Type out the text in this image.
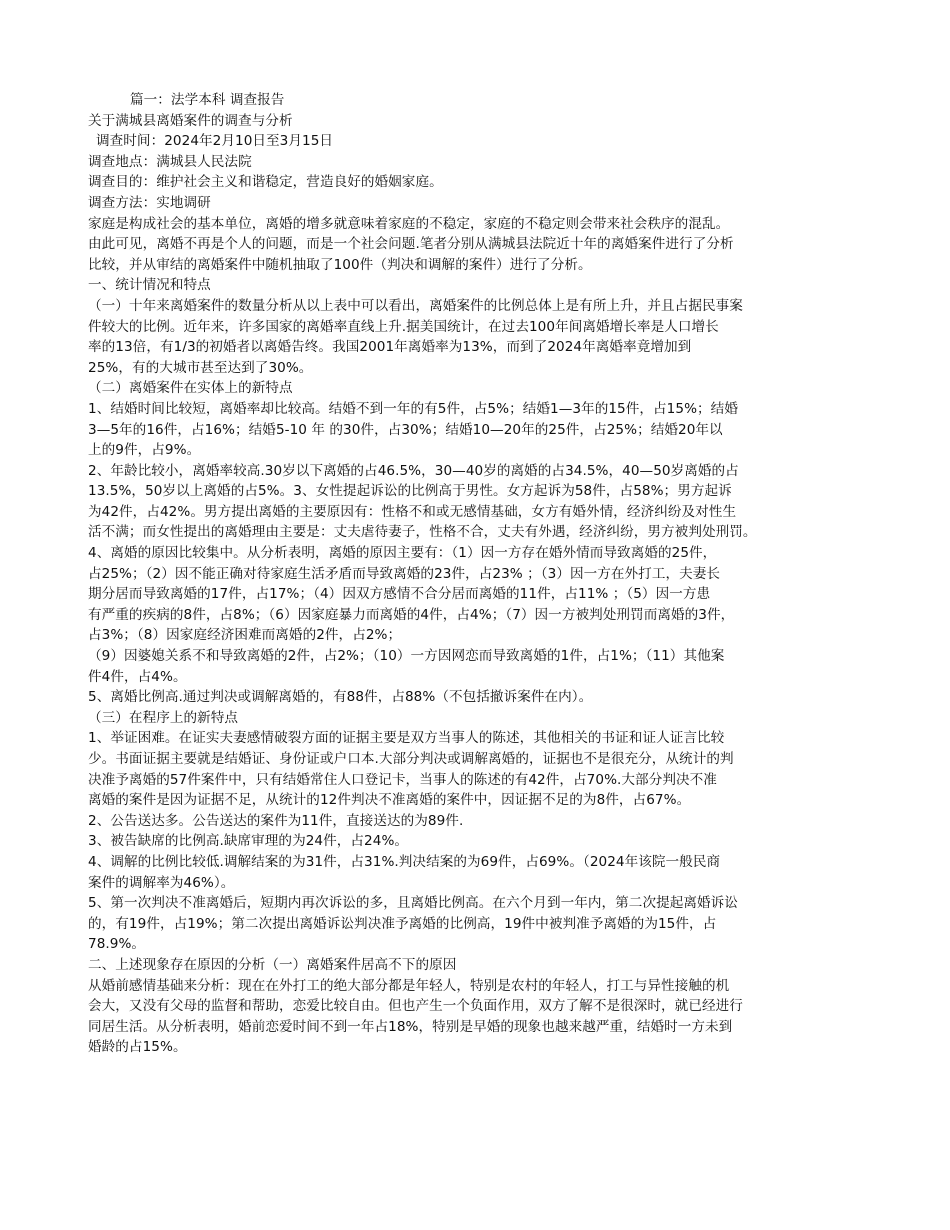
篇一：法学本科 调查报告
关于满城县离婚案件的调查与分析
调查时间：2024年2月10日至3月15日
调查地点：满城县人民法院
调查目的：维护社会主义和谐稳定，营造良好的婚姻家庭。
调查方法：实地调研
家庭是构成社会的基本单位，离婚的增多就意味着家庭的不稳定，家庭的不稳定则会带来社会秩序的混乱。
由此可见，离婚不再是个人的问题，而是一个社会问题.笔者分别从满城县法院近十年的离婚案件进行了分析
比较，并从审结的离婚案件中随机抽取了100件（判决和调解的案件）进行了分析。
一、统计情况和特点
（一）十年来离婚案件的数量分析从以上表中可以看出，离婚案件的比例总体上是有所上升，并且占据民事案
件较大的比例。近年来，许多国家的离婚率直线上升.据美国统计，在过去100年间离婚增长率是人口增长
率的13倍，有1/3的初婚者以离婚告终。我国2001年离婚率为13%，而到了2024年离婚率竟增加到
25%，有的大城市甚至达到了30%。
（二）离婚案件在实体上的新特点
1、结婚时间比较短，离婚率却比较高。结婚不到一年的有5件，占5%；结婚1—3年的15件，占15%；结婚
3—5年的16件，占16%；结婚5-10 年 的30件，占30%；结婚10—20年的25件，占25%；结婚20年以
上的9件，占9%。
2、年龄比较小，离婚率较高.30岁以下离婚的占46.5%，30—40岁的离婚的占34.5%，40—50岁离婚的占
13.5%，50岁以上离婚的占5%。3、女性提起诉讼的比例高于男性。女方起诉为58件，占58%；男方起诉
为42件，占42%。男方提出离婚的主要原因有：性格不和或无感情基础，女方有婚外情，经济纠纷及对性生
活不满；而女性提出的离婚理由主要是：丈夫虐待妻子，性格不合，丈夫有外遇，经济纠纷，男方被判处刑罚。
4、离婚的原因比较集中。从分析表明，离婚的原因主要有：（1）因一方存在婚外情而导致离婚的25件，
占25%；（2）因不能正确对待家庭生活矛盾而导致离婚的23件，占23% ；（3）因一方在外打工，夫妻长
期分居而导致离婚的17件，占17%；（4）因双方感情不合分居而离婚的11件，占11% ；（5）因一方患
有严重的疾病的8件，占8%；（6）因家庭暴力而离婚的4件，占4%；（7）因一方被判处刑罚而离婚的3件，
占3%；（8）因家庭经济困难而离婚的2件，占2%；
（9）因婆媳关系不和导致离婚的2件，占2%；（10）一方因网恋而导致离婚的1件，占1%；（11）其他案
件4件，占4%。
5、离婚比例高.通过判决或调解离婚的，有88件，占88%（不包括撤诉案件在内）。
（三）在程序上的新特点
1、举证困难。在证实夫妻感情破裂方面的证据主要是双方当事人的陈述，其他相关的书证和证人证言比较
少。书面证据主要就是结婚证、身份证或户口本.大部分判决或调解离婚的，证据也不是很充分，从统计的判
决准予离婚的57件案件中，只有结婚常住人口登记卡，当事人的陈述的有42件，占70%.大部分判决不准
离婚的案件是因为证据不足，从统计的12件判决不准离婚的案件中，因证据不足的为8件，占67%。
2、公告送达多。公告送达的案件为11件，直接送达的为89件.
3、被告缺席的比例高.缺席审理的为24件，占24%。
4、调解的比例比较低.调解结案的为31件，占31%.判决结案的为69件，占69%。（2024年该院一般民商
案件的调解率为46%）。
5、第一次判决不准离婚后，短期内再次诉讼的多，且离婚比例高。在六个月到一年内，第二次提起离婚诉讼
的，有19件，占19%；第二次提出离婚诉讼判决准予离婚的比例高，19件中被判准予离婚的为15件，占
78.9%。
二、上述现象存在原因的分析（一）离婚案件居高不下的原因
从婚前感情基础来分析：现在在外打工的绝大部分都是年轻人，特别是农村的年轻人，打工与异性接触的机
会大，又没有父母的监督和帮助，恋爱比较自由。但也产生一个负面作用，双方了解不是很深时，就已经进行
同居生活。从分析表明，婚前恋爱时间不到一年占18%，特别是早婚的现象也越来越严重，结婚时一方未到
婚龄的占15%。
